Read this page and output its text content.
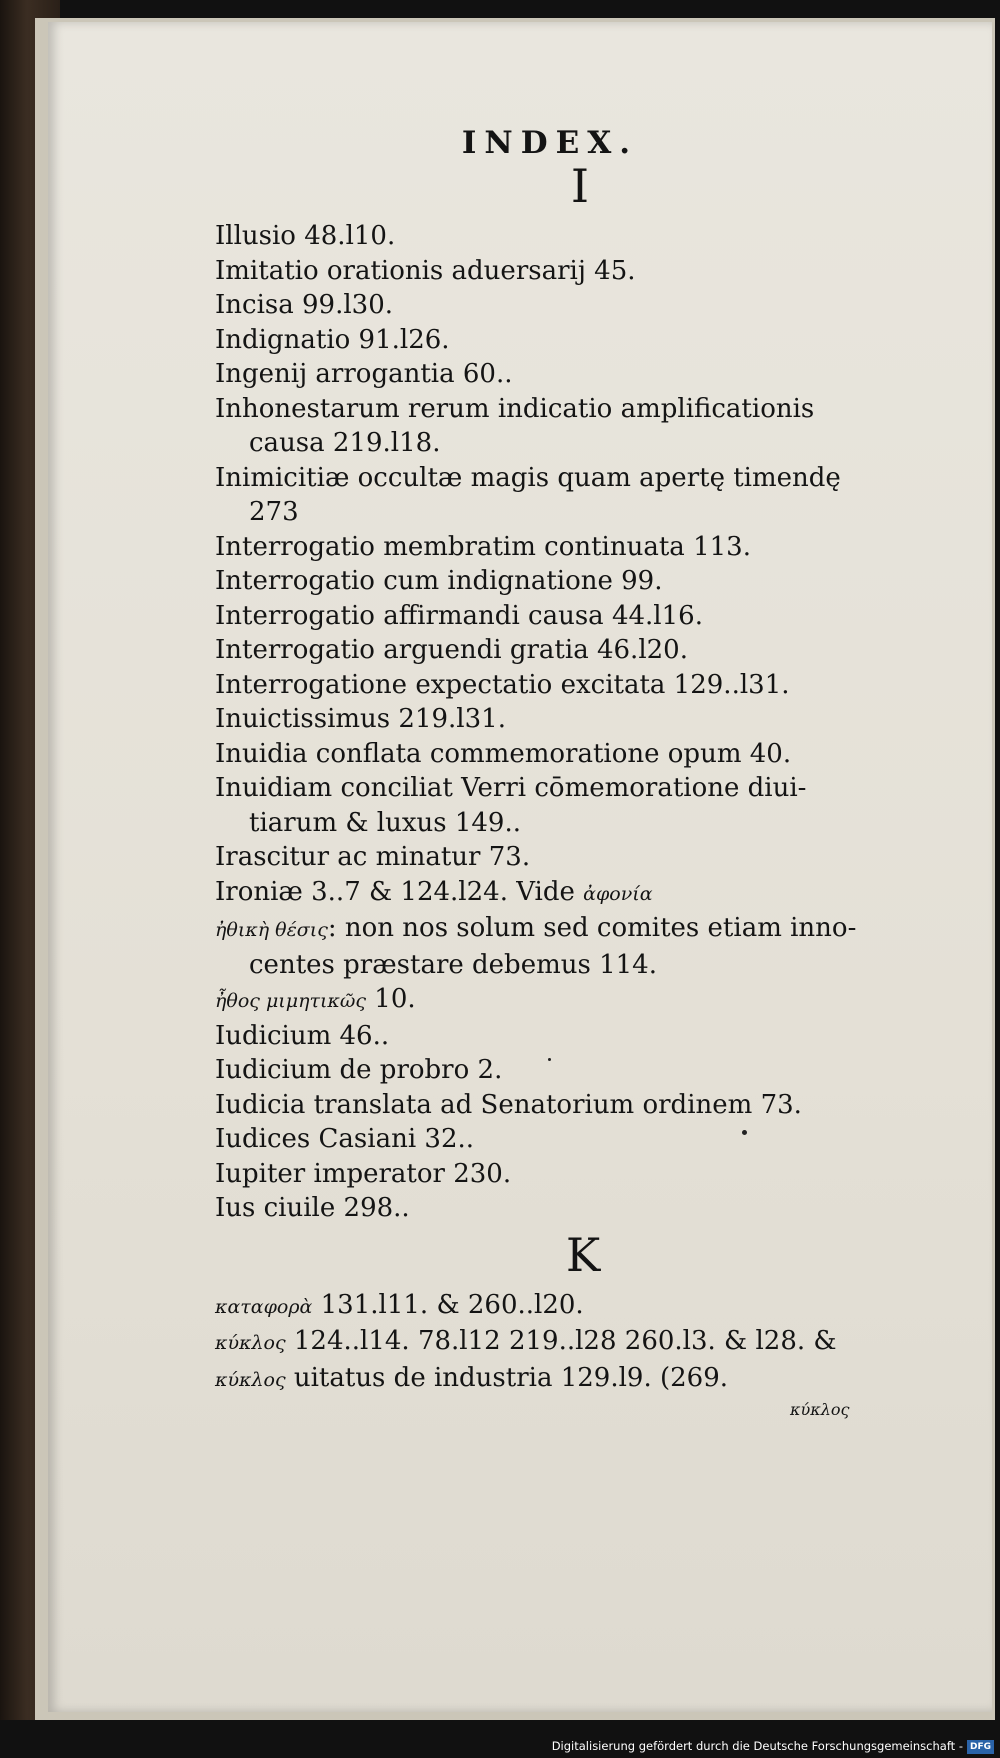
INDEX.
I
Illusio 48.l10.
Imitatio orationis aduersarij 45.
Incisa 99.l30.
Indignatio 91.l26.
Ingenij arrogantia 60..
Inhonestarum rerum indicatio amplificationis
causa 219.l18.
Inimicitiæ occultæ magis quam apertę timendę
273
Interrogatio membratim continuata 113.
Interrogatio cum indignatione 99.
Interrogatio affirmandi causa 44.l16.
Interrogatio arguendi gratia 46.l20.
Interrogatione expectatio excitata 129..l31.
Inuictissimus 219.l31.
Inuidia conflata commemoratione opum 40.
Inuidiam conciliat Verri cōmemoratione diui-
tiarum & luxus 149..
Irascitur ac minatur 73.
Ironiæ 3..7 & 124.l24. Vide ἀφονία
ἠθικὴ θέσις: non nos solum sed comites etiam inno-
centes præstare debemus 114.
ἦθος μιμητικῶς 10.
Iudicium 46..
Iudicium de probro 2.
Iudicia translata ad Senatorium ordinem 73.
Iudices Casiani 32..
Iupiter imperator 230.
Ius ciuile 298..
K
καταφορὰ 131.l11. & 260..l20.
κύκλος 124..l14. 78.l12 219..l28 260.l3. & l28. &
κύκλος uitatus de industria 129.l9. (269.
κύκλος
Digitalisierung gefördert durch die Deutsche Forschungsgemeinschaft - DFG
